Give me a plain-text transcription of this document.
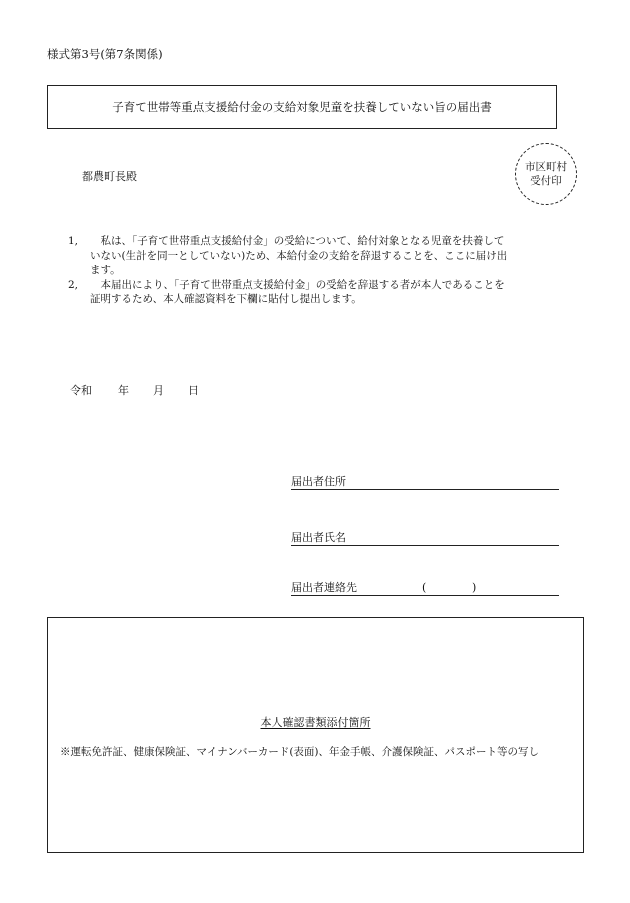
様式第3号(第7条関係)
子育て世帯等重点支援給付金の支給対象児童を扶養していない旨の届出書
都農町長殿
市区町村
受付印
1,	私は、「子育て世帯重点支援給付金」の受給について、給付対象となる児童を扶養して
いない(生計を同一としていない)ため、本給付金の支給を辞退することを、ここに届け出
ます。
2,	本届出により、「子育て世帯重点支援給付金」の受給を辞退する者が本人であることを
証明するため、本人確認資料を下欄に貼付し提出します。
令和	年	月	日
届出者住所
届出者氏名
届出者連絡先	(	)
本人確認書類添付箇所
※運転免許証、健康保険証、マイナンバーカード(表面)、年金手帳、介護保険証、パスポート等の写し
